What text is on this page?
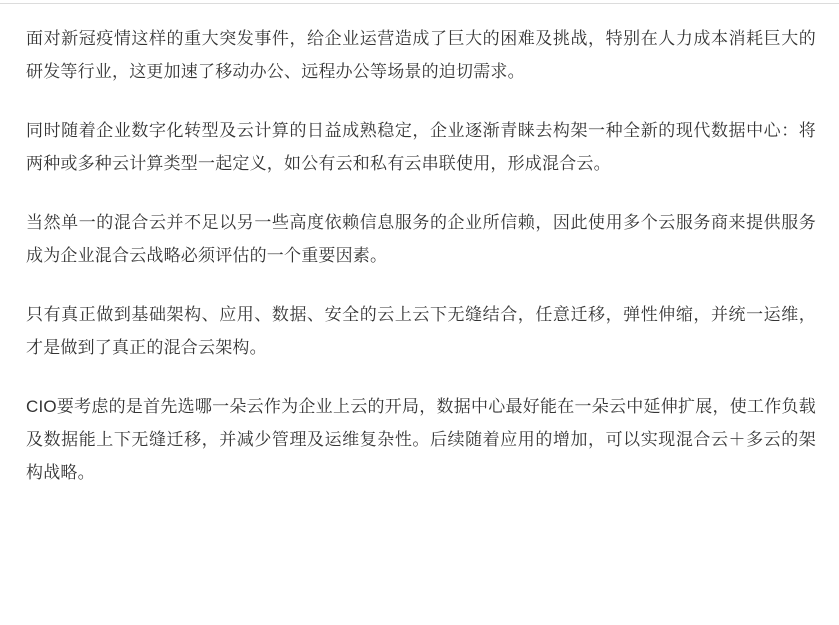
面对新冠疫情这样的重大突发事件，给企业运营造成了巨大的困难及挑战，特别在人力成本消耗巨大的研发等行业，这更加速了移动办公、远程办公等场景的迫切需求。

同时随着企业数字化转型及云计算的日益成熟稳定，企业逐渐青睐去构架一种全新的现代数据中心：将两种或多种云计算类型一起定义，如公有云和私有云串联使用，形成混合云。

当然单一的混合云并不足以另一些高度依赖信息服务的企业所信赖，因此使用多个云服务商来提供服务成为企业混合云战略必须评估的一个重要因素。

只有真正做到基础架构、应用、数据、安全的云上云下无缝结合，任意迁移，弹性伸缩，并统一运维，才是做到了真正的混合云架构。

CIO要考虑的是首先选哪一朵云作为企业上云的开局，数据中心最好能在一朵云中延伸扩展，使工作负载及数据能上下无缝迁移，并减少管理及运维复杂性。后续随着应用的增加，可以实现混合云＋多云的架构战略。
